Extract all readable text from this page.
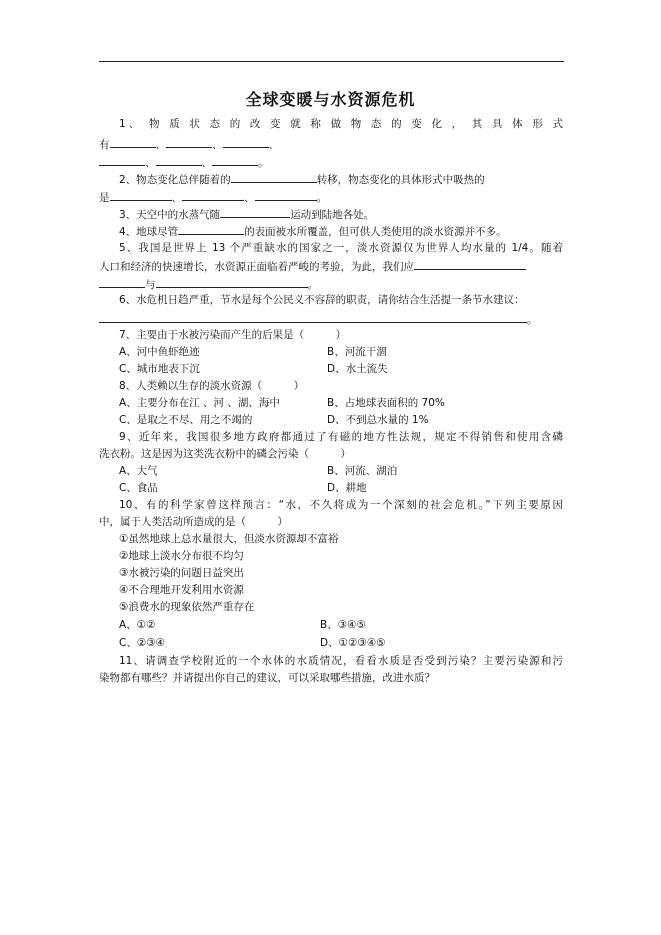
全球变暖与水资源危机
1、 物 质 状 态 的 改 变 就 称 做 物 态 的 变 化 ， 其 具 体 形 式
有	、	、	、
、	、	。
2、物态变化总伴随着的	转移，物态变化的具体形式中吸热的
是	、	、	。
3、天空中的水蒸气随	运动到陆地各处。
4、地球尽管	的表面被水所覆盖，但可供人类使用的淡水资源并不多。
5、我国是世界上 13 个严重缺水的国家之一，淡水资源仅为世界人均水量的 1/4。随着
人口和经济的快速增长，水资源正面临着严峻的考验，为此，我们应
与	。
6、水危机日趋严重，节水是每个公民义不容辞的职责，请你结合生活提一条节水建议：
。
7、主要由于水被污染而产生的后果是（　　　）
A、河中鱼虾绝迹	B、河流干涸
C、城市地表下沉	D、水土流失
8、人类赖以生存的淡水资源（　　　）
A、主要分布在江 、河 、湖、海中	B、占地球表面积的 70%
C、是取之不尽、用之不竭的	D、不到总水量的 1%
9、近年来，我国很多地方政府都通过了有磁的地方性法规，规定不得销售和使用含磷
洗衣粉。这是因为这类洗衣粉中的磷会污染（　　　）
A、大气	B、河流、湖泊
C、食品	D、耕地
10、有的科学家曾这样预言：“水，不久将成为一个深刻的社会危机。”下列主要原因
中，属于人类活动所造成的是（　　　）
①虽然地球上总水量很大，但淡水资源却不富裕
②地球上淡水分布很不均匀
③水被污染的问题日益突出
④不合理地开发利用水资源
⑤浪费水的现象依然严重存在
A、①②	B、③④⑤
C、②③④	D、①②③④⑤
11、请调查学校附近的一个水体的水质情况，看看水质是否受到污染？主要污染源和污
染物都有哪些？并请提出你自己的建议，可以采取哪些措施，改进水质？
